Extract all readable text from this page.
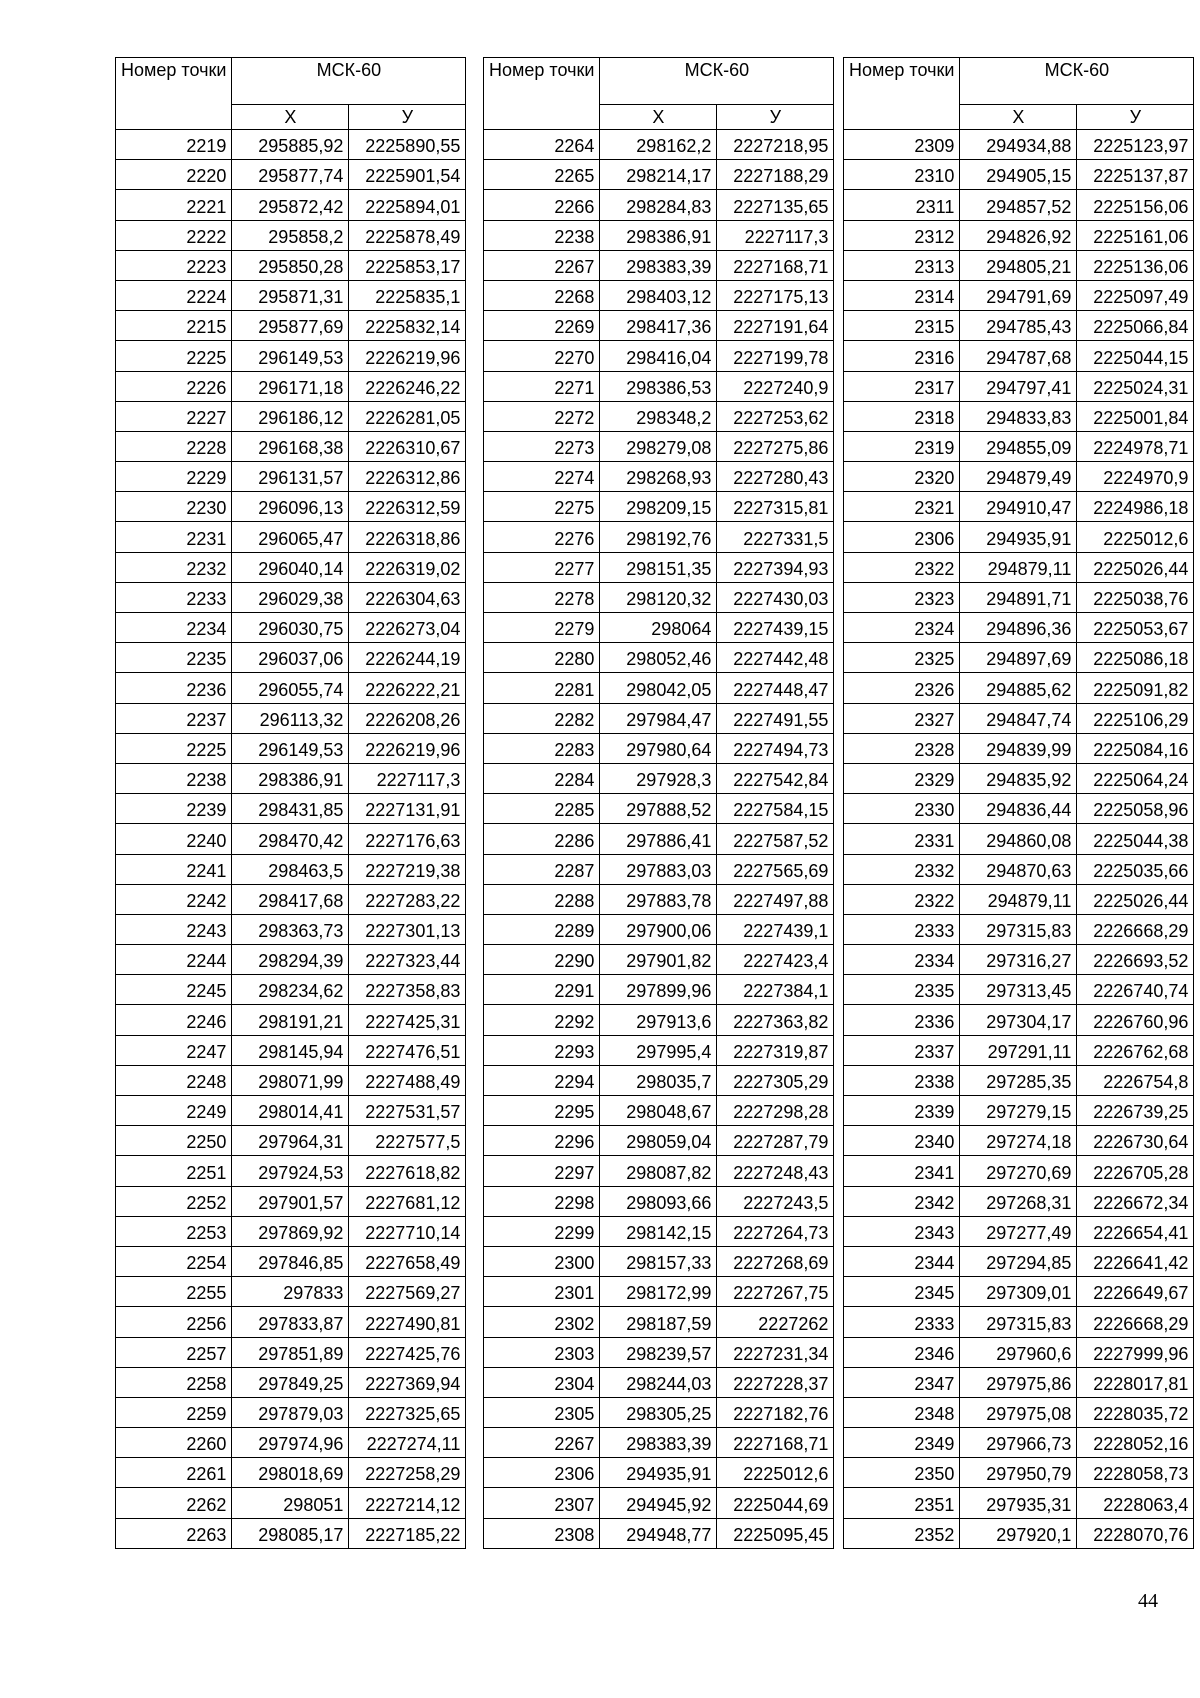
Номер точки	МСК-60	
	Х	У
2219	295885,92	2225890,55
2220	295877,74	2225901,54
2221	295872,42	2225894,01
2222	295858,2	2225878,49
2223	295850,28	2225853,17
2224	295871,31	2225835,1
2215	295877,69	2225832,14
2225	296149,53	2226219,96
2226	296171,18	2226246,22
2227	296186,12	2226281,05
2228	296168,38	2226310,67
2229	296131,57	2226312,86
2230	296096,13	2226312,59
2231	296065,47	2226318,86
2232	296040,14	2226319,02
2233	296029,38	2226304,63
2234	296030,75	2226273,04
2235	296037,06	2226244,19
2236	296055,74	2226222,21
2237	296113,32	2226208,26
2225	296149,53	2226219,96
2238	298386,91	2227117,3
2239	298431,85	2227131,91
2240	298470,42	2227176,63
2241	298463,5	2227219,38
2242	298417,68	2227283,22
2243	298363,73	2227301,13
2244	298294,39	2227323,44
2245	298234,62	2227358,83
2246	298191,21	2227425,31
2247	298145,94	2227476,51
2248	298071,99	2227488,49
2249	298014,41	2227531,57
2250	297964,31	2227577,5
2251	297924,53	2227618,82
2252	297901,57	2227681,12
2253	297869,92	2227710,14
2254	297846,85	2227658,49
2255	297833	2227569,27
2256	297833,87	2227490,81
2257	297851,89	2227425,76
2258	297849,25	2227369,94
2259	297879,03	2227325,65
2260	297974,96	2227274,11
2261	298018,69	2227258,29
2262	298051	2227214,12
2263	298085,17	2227185,22
Номер точки	МСК-60	
	Х	У
2264	298162,2	2227218,95
2265	298214,17	2227188,29
2266	298284,83	2227135,65
2238	298386,91	2227117,3
2267	298383,39	2227168,71
2268	298403,12	2227175,13
2269	298417,36	2227191,64
2270	298416,04	2227199,78
2271	298386,53	2227240,9
2272	298348,2	2227253,62
2273	298279,08	2227275,86
2274	298268,93	2227280,43
2275	298209,15	2227315,81
2276	298192,76	2227331,5
2277	298151,35	2227394,93
2278	298120,32	2227430,03
2279	298064	2227439,15
2280	298052,46	2227442,48
2281	298042,05	2227448,47
2282	297984,47	2227491,55
2283	297980,64	2227494,73
2284	297928,3	2227542,84
2285	297888,52	2227584,15
2286	297886,41	2227587,52
2287	297883,03	2227565,69
2288	297883,78	2227497,88
2289	297900,06	2227439,1
2290	297901,82	2227423,4
2291	297899,96	2227384,1
2292	297913,6	2227363,82
2293	297995,4	2227319,87
2294	298035,7	2227305,29
2295	298048,67	2227298,28
2296	298059,04	2227287,79
2297	298087,82	2227248,43
2298	298093,66	2227243,5
2299	298142,15	2227264,73
2300	298157,33	2227268,69
2301	298172,99	2227267,75
2302	298187,59	2227262
2303	298239,57	2227231,34
2304	298244,03	2227228,37
2305	298305,25	2227182,76
2267	298383,39	2227168,71
2306	294935,91	2225012,6
2307	294945,92	2225044,69
2308	294948,77	2225095,45
Номер точки	МСК-60	
	Х	У
2309	294934,88	2225123,97
2310	294905,15	2225137,87
2311	294857,52	2225156,06
2312	294826,92	2225161,06
2313	294805,21	2225136,06
2314	294791,69	2225097,49
2315	294785,43	2225066,84
2316	294787,68	2225044,15
2317	294797,41	2225024,31
2318	294833,83	2225001,84
2319	294855,09	2224978,71
2320	294879,49	2224970,9
2321	294910,47	2224986,18
2306	294935,91	2225012,6
2322	294879,11	2225026,44
2323	294891,71	2225038,76
2324	294896,36	2225053,67
2325	294897,69	2225086,18
2326	294885,62	2225091,82
2327	294847,74	2225106,29
2328	294839,99	2225084,16
2329	294835,92	2225064,24
2330	294836,44	2225058,96
2331	294860,08	2225044,38
2332	294870,63	2225035,66
2322	294879,11	2225026,44
2333	297315,83	2226668,29
2334	297316,27	2226693,52
2335	297313,45	2226740,74
2336	297304,17	2226760,96
2337	297291,11	2226762,68
2338	297285,35	2226754,8
2339	297279,15	2226739,25
2340	297274,18	2226730,64
2341	297270,69	2226705,28
2342	297268,31	2226672,34
2343	297277,49	2226654,41
2344	297294,85	2226641,42
2345	297309,01	2226649,67
2333	297315,83	2226668,29
2346	297960,6	2227999,96
2347	297975,86	2228017,81
2348	297975,08	2228035,72
2349	297966,73	2228052,16
2350	297950,79	2228058,73
2351	297935,31	2228063,4
2352	297920,1	2228070,76
44
